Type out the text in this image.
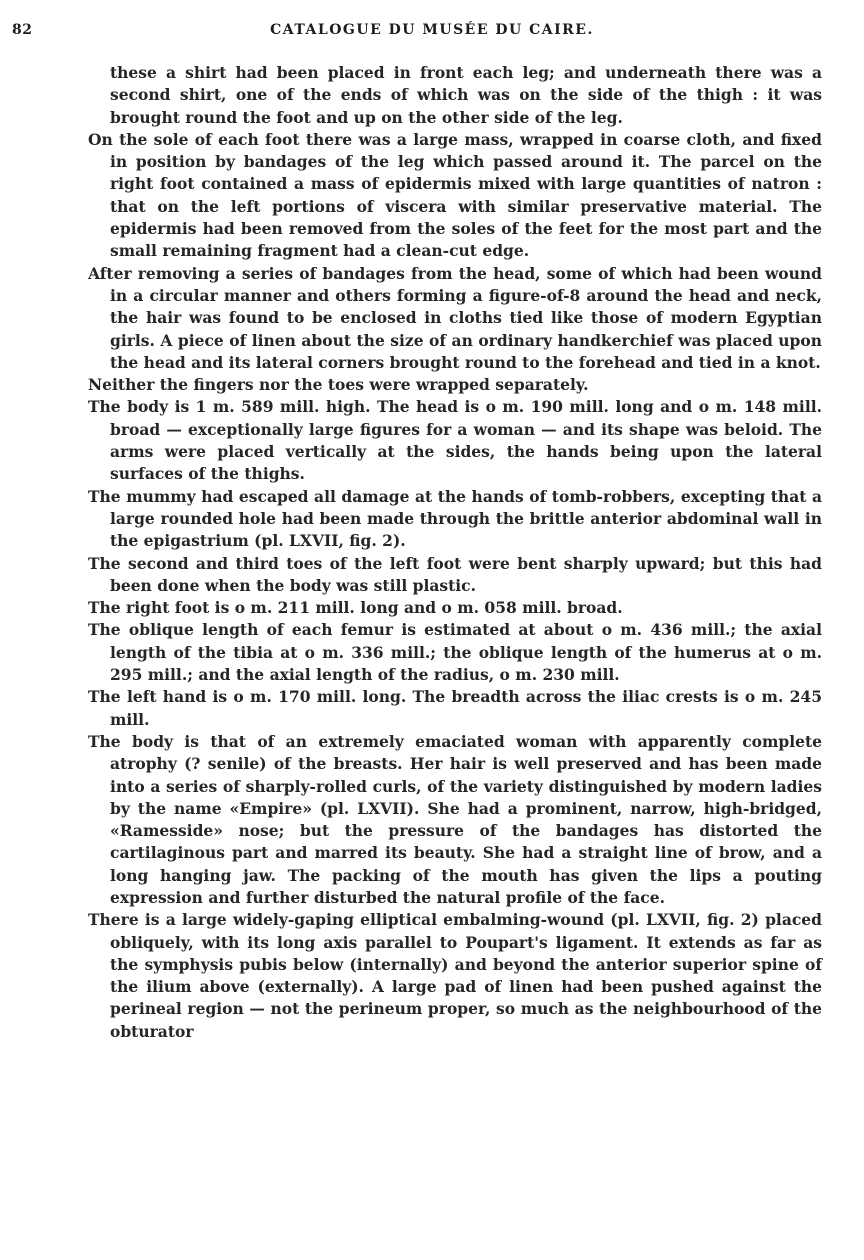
82	CATALOGUE DU MUSÉE DU CAIRE.

these a shirt had been placed in front each leg; and underneath there was a second shirt, one of the ends of which was on the side of the thigh : it was brought round the foot and up on the other side of the leg.

On the sole of each foot there was a large mass, wrapped in coarse cloth, and fixed in position by bandages of the leg which passed around it. The parcel on the right foot contained a mass of epidermis mixed with large quantities of natron : that on the left portions of viscera with similar preservative material. The epidermis had been removed from the soles of the feet for the most part and the small remaining fragment had a clean-cut edge.

After removing a series of bandages from the head, some of which had been wound in a circular manner and others forming a figure-of-8 around the head and neck, the hair was found to be enclosed in cloths tied like those of modern Egyptian girls. A piece of linen about the size of an ordinary handkerchief was placed upon the head and its lateral corners brought round to the forehead and tied in a knot.

Neither the fingers nor the toes were wrapped separately.

The body is 1 m. 589 mill. high. The head is o m. 190 mill. long and o m. 148 mill. broad — exceptionally large figures for a woman — and its shape was beloid. The arms were placed vertically at the sides, the hands being upon the lateral surfaces of the thighs.

The mummy had escaped all damage at the hands of tomb-robbers, excepting that a large rounded hole had been made through the brittle anterior abdominal wall in the epigastrium (pl. LXVII, fig. 2).

The second and third toes of the left foot were bent sharply upward; but this had been done when the body was still plastic.

The right foot is o m. 211 mill. long and o m. 058 mill. broad.

The oblique length of each femur is estimated at about o m. 436 mill.; the axial length of the tibia at o m. 336 mill.; the oblique length of the humerus at o m. 295 mill.; and the axial length of the radius, o m. 230 mill.

The left hand is o m. 170 mill. long. The breadth across the iliac crests is o m. 245 mill.

The body is that of an extremely emaciated woman with apparently complete atrophy (? senile) of the breasts. Her hair is well preserved and has been made into a series of sharply-rolled curls, of the variety distinguished by modern ladies by the name «Empire» (pl. LXVII). She had a prominent, narrow, high-bridged, «Ramesside» nose; but the pressure of the bandages has distorted the cartilaginous part and marred its beauty. She had a straight line of brow, and a long hanging jaw. The packing of the mouth has given the lips a pouting expression and further disturbed the natural profile of the face.

There is a large widely-gaping elliptical embalming-wound (pl. LXVII, fig. 2) placed obliquely, with its long axis parallel to Poupart's ligament. It extends as far as the symphysis pubis below (internally) and beyond the anterior superior spine of the ilium above (externally). A large pad of linen had been pushed against the perineal region — not the perineum proper, so much as the neighbourhood of the obturator
